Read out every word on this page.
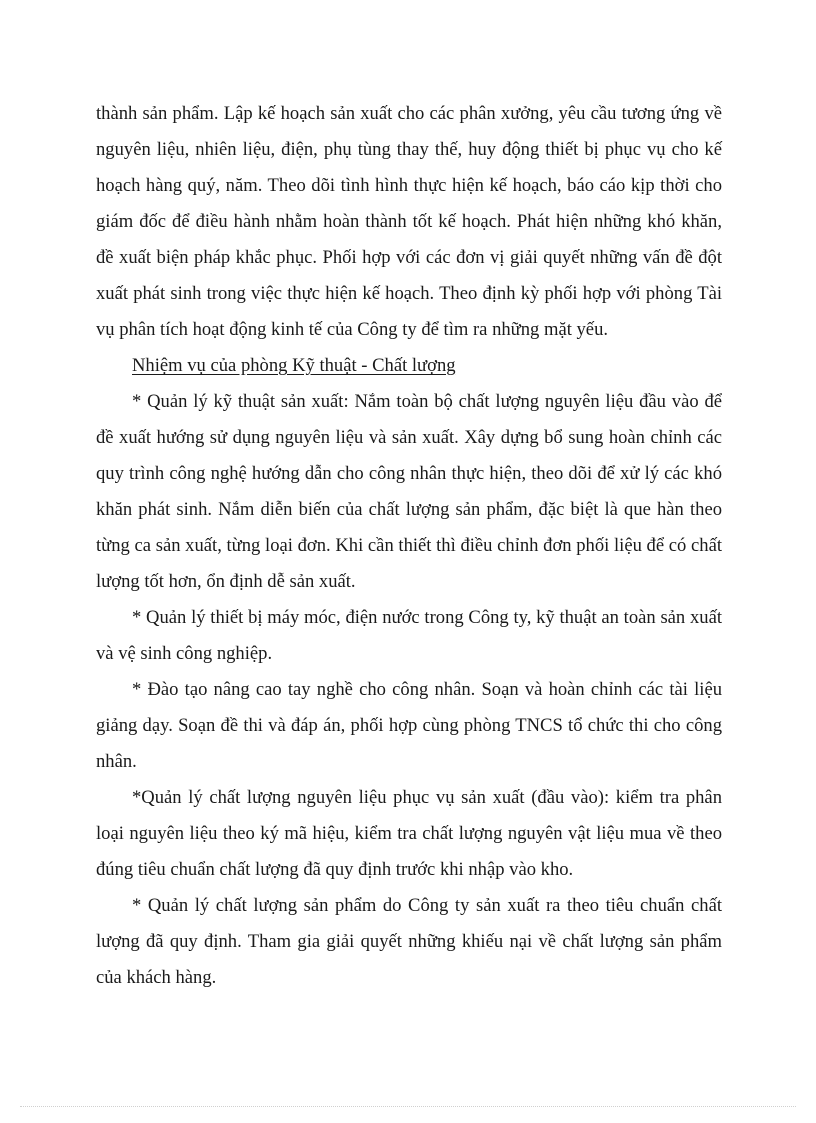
thành sản phẩm. Lập kế hoạch sản xuất cho các phân xưởng, yêu cầu tương ứng về nguyên liệu, nhiên liệu, điện, phụ tùng thay thế, huy động thiết bị phục vụ cho kế hoạch hàng quý, năm. Theo dõi tình hình thực hiện kế hoạch, báo cáo kịp thời cho giám đốc để điều hành nhằm hoàn thành tốt kế hoạch. Phát hiện những khó khăn, đề xuất biện pháp khắc phục. Phối hợp với các đơn vị giải quyết những vấn đề đột xuất phát sinh trong việc thực hiện kế hoạch. Theo định kỳ phối hợp với phòng Tài vụ phân tích hoạt động kinh tế của Công ty để tìm ra những mặt yếu.

Nhiệm vụ của phòng Kỹ thuật - Chất lượng

* Quản lý kỹ thuật sản xuất: Nắm toàn bộ chất lượng nguyên liệu đầu vào để đề xuất hướng sử dụng nguyên liệu và sản xuất. Xây dựng bổ sung hoàn chỉnh các quy trình công nghệ hướng dẫn cho công nhân thực hiện, theo dõi để xử lý các khó khăn phát sinh. Nắm diễn biến của chất lượng sản phẩm, đặc biệt là que hàn theo từng ca sản xuất, từng loại đơn. Khi cần thiết thì điều chỉnh đơn phối liệu để có chất lượng tốt hơn, ổn định dễ sản xuất.

* Quản lý thiết bị máy móc, điện nước trong Công ty, kỹ thuật an toàn sản xuất và vệ sinh công nghiệp.

* Đào tạo nâng cao tay nghề cho công nhân. Soạn và hoàn chỉnh các tài liệu giảng dạy. Soạn đề thi và đáp án, phối hợp cùng phòng TNCS tổ chức thi cho công nhân.

*Quản lý chất lượng nguyên liệu phục vụ sản xuất (đầu vào): kiểm tra phân loại nguyên liệu theo ký mã hiệu, kiểm tra chất lượng nguyên vật liệu mua về theo đúng tiêu chuẩn chất lượng đã quy định trước khi nhập vào kho.

* Quản lý chất lượng sản phẩm do Công ty sản xuất ra theo tiêu chuẩn chất lượng đã quy định. Tham gia giải quyết những khiếu nại về chất lượng sản phẩm của khách hàng.
